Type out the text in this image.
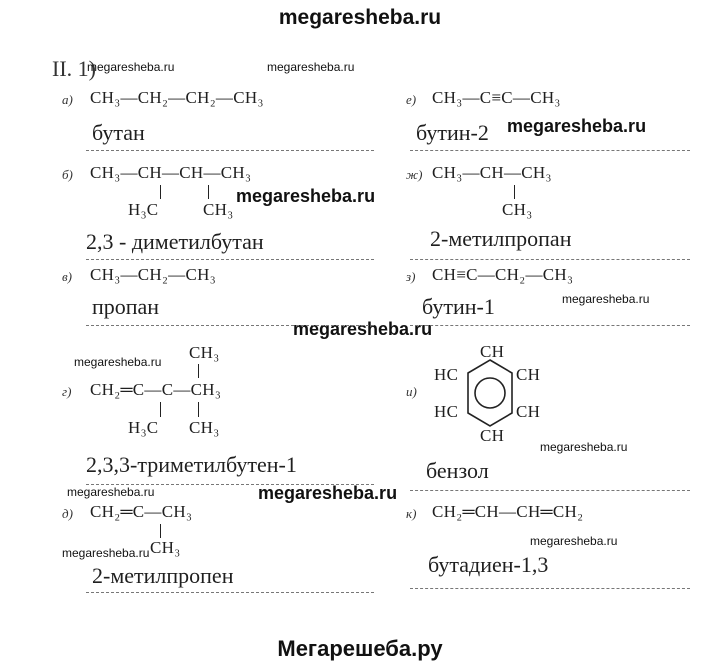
megaresheba.ru
Мегарешеба.ру
II. 1)
megaresheba.ru	megaresheba.ru
megaresheba.ru
megaresheba.ru
megaresheba.ru
megaresheba.ru
megaresheba.ru
megaresheba.ru
megaresheba.ru	megaresheba.ru
megaresheba.ru
megaresheba.ru
а) CH₃—CH₂—CH₂—CH₃
бутан
б) CH₃—CH—CH—CH₃
H₃C	CH₃
2,3 - диметилбутан
в) CH₃—CH₂—CH₃
пропан
CH₃
г) CH₂═C—C—CH₃
H₃C CH₃
2,3,3-триметилбутен-1
д) CH₂═C—CH₃
CH₃
2-метилпропен
е) CH₃—C≡C—CH₃
бутин-2
ж) CH₃—CH—CH₃
CH₃
2-метилпропан
з) CH≡C—CH₂—CH₃
бутин-1
и)
CH
HC	CH
HC	CH
CH
бензол
к) CH₂═CH—CH═CH₂
бутадиен-1,3
